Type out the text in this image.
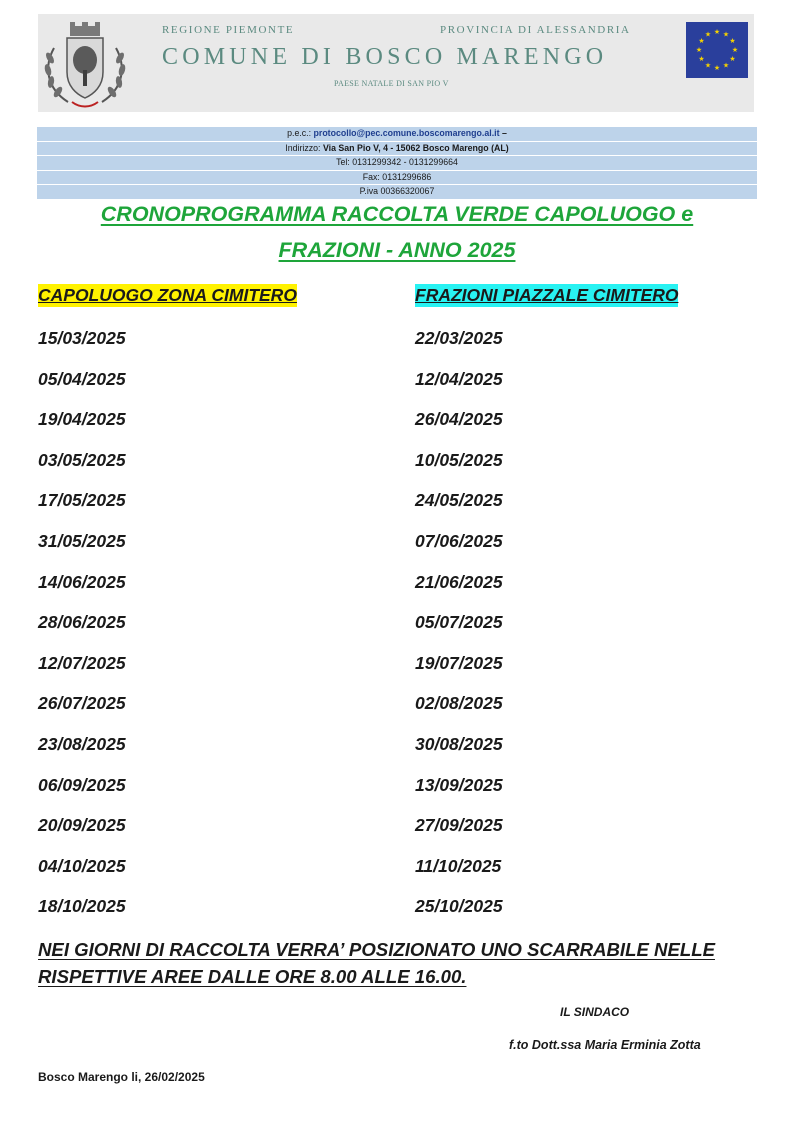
REGIONE PIEMONTE	PROVINCIA DI ALESSANDRIA
COMUNE DI BOSCO MARENGO
PAESE NATALE DI SAN PIO V
★ ★
★
★
★
★
★
★
★
★
★
★
p.e.c.: protocollo@pec.comune.boscomarengo.al.it –
Indirizzo: Via San Pio V, 4 - 15062 Bosco Marengo (AL)
Tel: 0131299342 - 0131299664
Fax: 0131299686
P.iva 00366320067
CRONOPROGRAMMA RACCOLTA VERDE CAPOLUOGO e
FRAZIONI - ANNO 2025
CAPOLUOGO ZONA CIMITERO	FRAZIONI PIAZZALE CIMITERO
15/03/2025
05/04/2025
19/04/2025
03/05/2025
17/05/2025
31/05/2025
14/06/2025
28/06/2025
12/07/2025
26/07/2025
23/08/2025
06/09/2025
20/09/2025
04/10/2025
18/10/2025
22/03/2025
12/04/2025
26/04/2025
10/05/2025
24/05/2025
07/06/2025
21/06/2025
05/07/2025
19/07/2025
02/08/2025
30/08/2025
13/09/2025
27/09/2025
11/10/2025
25/10/2025
NEI GIORNI DI RACCOLTA VERRA’ POSIZIONATO UNO SCARRABILE NELLE RISPETTIVE AREE DALLE ORE 8.00 ALLE 16.00.
IL SINDACO
f.to Dott.ssa Maria Erminia Zotta
Bosco Marengo li, 26/02/2025
